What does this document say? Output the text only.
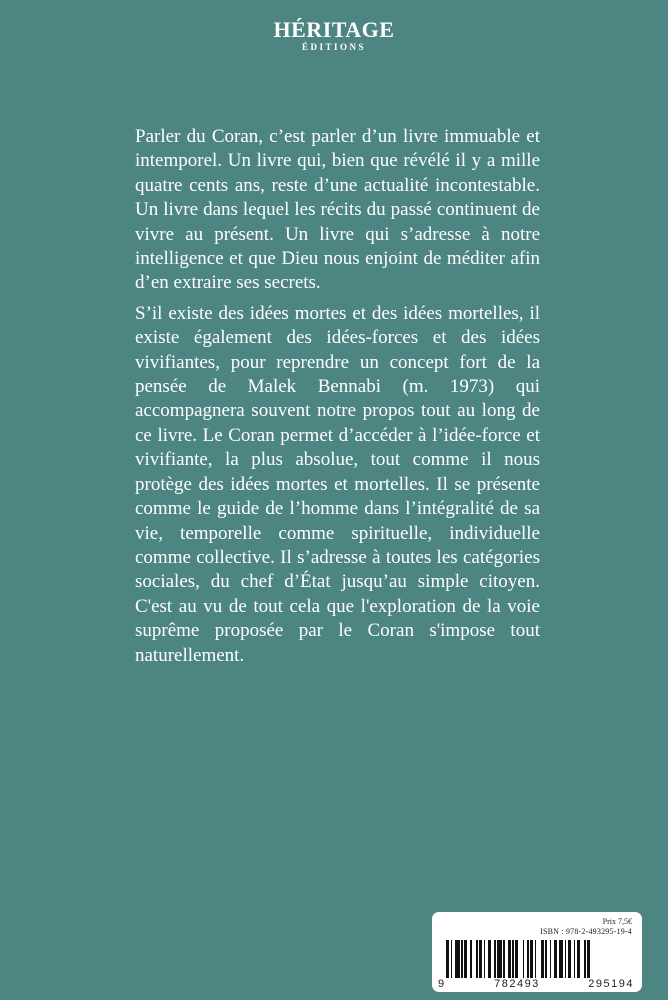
HÉRITAGE
ÉDITIONS

Parler du Coran, c’est parler d’un livre immuable et intemporel. Un livre qui, bien que révélé il y a mille quatre cents ans, reste d’une actualité incontestable. Un livre dans lequel les récits du passé continuent de vivre au présent. Un livre qui s’adresse à notre intelligence et que Dieu nous enjoint de méditer afin d’en extraire ses secrets.

S’il existe des idées mortes et des idées mortelles, il existe également des idées-forces et des idées vivifiantes, pour reprendre un concept fort de la pensée de Malek Bennabi (m. 1973) qui accompagnera souvent notre propos tout au long de ce livre. Le Coran permet d’accéder à l’idée-force et vivifiante, la plus absolue, tout comme il nous protège des idées mortes et mortelles. Il se présente comme le guide de l’homme dans l’intégralité de sa vie, temporelle comme spirituelle, individuelle comme collective. Il s’adresse à toutes les catégories sociales, du chef d’État jusqu’au simple citoyen. C'est au vu de tout cela que l'exploration de la voie suprême proposée par le Coran s'impose tout naturellement.

Prix 7,5€
ISBN : 978-2-493295-19-4
9	782493	295194
